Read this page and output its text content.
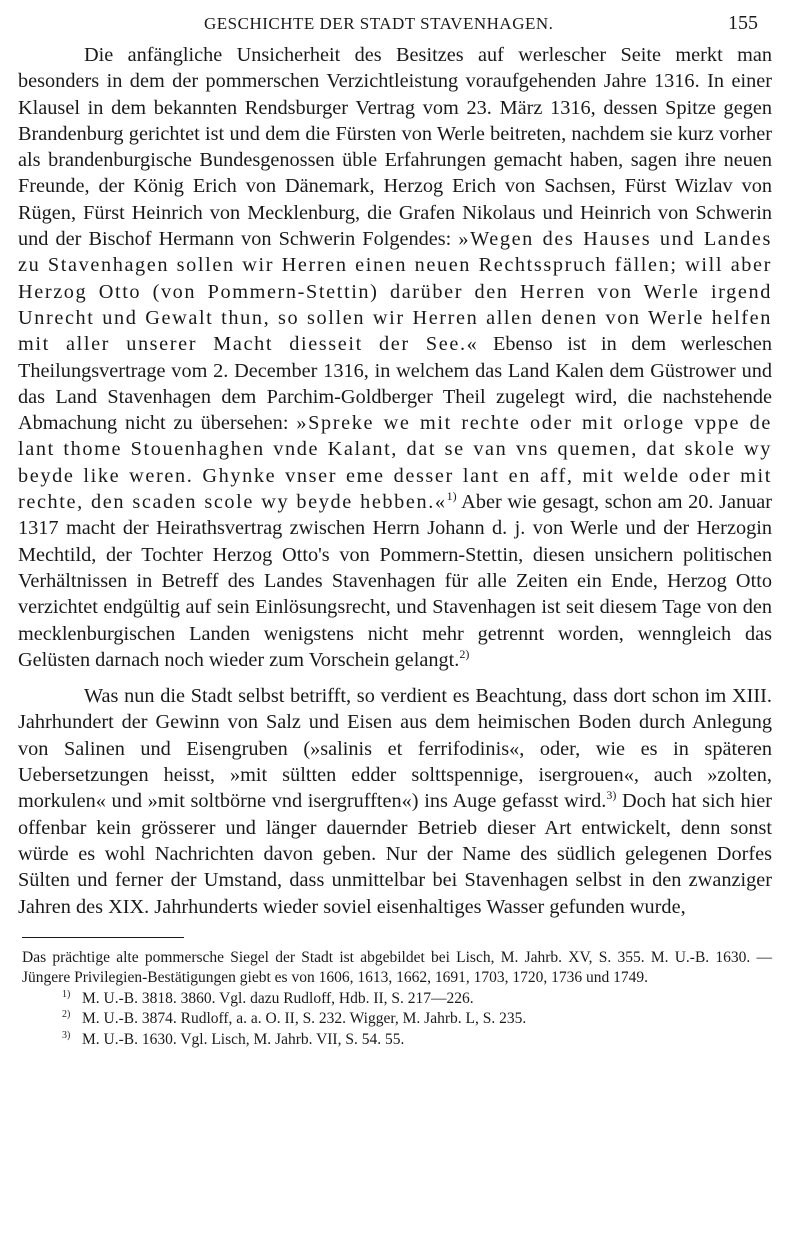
GESCHICHTE DER STADT STAVENHAGEN.	155

Die anfängliche Unsicherheit des Besitzes auf werlescher Seite merkt man besonders in dem der pommerschen Verzichtleistung voraufgehenden Jahre 1316. In einer Klausel in dem bekannten Rendsburger Vertrag vom 23. März 1316, dessen Spitze gegen Brandenburg gerichtet ist und dem die Fürsten von Werle beitreten, nachdem sie kurz vorher als brandenburgische Bundesgenossen üble Erfahrungen gemacht haben, sagen ihre neuen Freunde, der König Erich von Dänemark, Herzog Erich von Sachsen, Fürst Wizlav von Rügen, Fürst Heinrich von Mecklenburg, die Grafen Nikolaus und Heinrich von Schwerin und der Bischof Hermann von Schwerin Folgendes: »Wegen des Hauses und Landes zu Stavenhagen sollen wir Herren einen neuen Rechtsspruch fällen; will aber Herzog Otto (von Pommern-Stettin) darüber den Herren von Werle irgend Unrecht und Gewalt thun, so sollen wir Herren allen denen von Werle helfen mit aller unserer Macht diesseit der See.« Ebenso ist in dem werleschen Theilungsvertrage vom 2. December 1316, in welchem das Land Kalen dem Güstrower und das Land Stavenhagen dem Parchim-Goldberger Theil zugelegt wird, die nachstehende Abmachung nicht zu übersehen: »Spreke we mit rechte oder mit orloge vppe de lant thome Stouenhaghen vnde Kalant, dat se van vns quemen, dat skole wy beyde like weren. Ghynke vnser eme desser lant en aff, mit welde oder mit rechte, den scaden scole wy beyde hebben.«$^{1)}$ Aber wie gesagt, schon am 20. Januar 1317 macht der Heirathsvertrag zwischen Herrn Johann d. j. von Werle und der Herzogin Mechtild, der Tochter Herzog Otto's von Pommern-Stettin, diesen unsichern politischen Verhältnissen in Betreff des Landes Stavenhagen für alle Zeiten ein Ende, Herzog Otto verzichtet endgültig auf sein Einlösungsrecht, und Stavenhagen ist seit diesem Tage von den mecklenburgischen Landen wenigstens nicht mehr getrennt worden, wenngleich das Gelüsten darnach noch wieder zum Vorschein gelangt.$^{2)}$

Was nun die Stadt selbst betrifft, so verdient es Beachtung, dass dort schon im XIII. Jahrhundert der Gewinn von Salz und Eisen aus dem heimischen Boden durch Anlegung von Salinen und Eisengruben (»salinis et ferrifodinis«, oder, wie es in späteren Uebersetzungen heisst, »mit sültten edder solttspennige, isergrouen«, auch »zolten, morkulen« und »mit soltbörne vnd isergrufften«) ins Auge gefasst wird.$^{3)}$ Doch hat sich hier offenbar kein grösserer und länger dauernder Betrieb dieser Art entwickelt, denn sonst würde es wohl Nachrichten davon geben. Nur der Name des südlich gelegenen Dorfes Sülten und ferner der Umstand, dass unmittelbar bei Stavenhagen selbst in den zwanziger Jahren des XIX. Jahrhunderts wieder soviel eisenhaltiges Wasser gefunden wurde,

Das prächtige alte pommersche Siegel der Stadt ist abgebildet bei Lisch, M. Jahrb. XV, S. 355. M. U.-B. 1630. — Jüngere Privilegien-Bestätigungen giebt es von 1606, 1613, 1662, 1691, 1703, 1720, 1736 und 1749.

$^{1)}$ M. U.-B. 3818. 3860. Vgl. dazu Rudloff, Hdb. II, S. 217—226.

$^{2)}$ M. U.-B. 3874. Rudloff, a. a. O. II, S. 232. Wigger, M. Jahrb. L, S. 235.

$^{3)}$ M. U.-B. 1630. Vgl. Lisch, M. Jahrb. VII, S. 54. 55.
